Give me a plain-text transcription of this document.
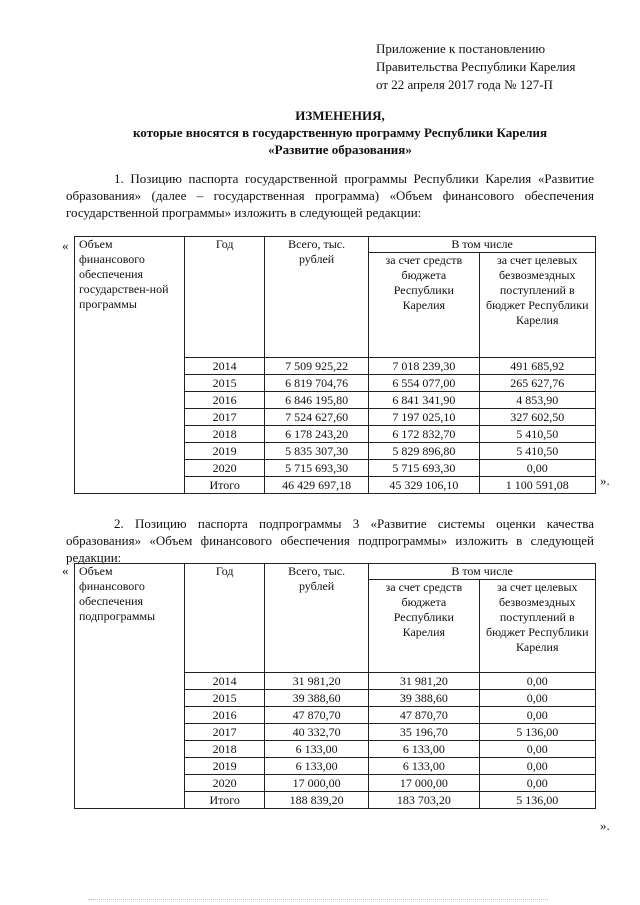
Приложение к постановлению
Правительства Республики Карелия
от 22 апреля 2017 года № 127-П
ИЗМЕНЕНИЯ,
которые вносятся в государственную программу Республики Карелия
«Развитие образования»
1. Позицию паспорта государственной программы Республики Карелия «Развитие образования» (далее – государственная программа) «Объем финансового обеспечения государственной программы» изложить в следующей редакции:
« Объем финансового обеспечения государствен-ной программы	Год	Всего, тыс. рублей	В том числе	
			за счет средств бюджета Республики Карелия	за счет целевых безвозмездных поступлений в бюджет Республики Карелия
	2014	7 509 925,22	7 018 239,30	491 685,92
	2015	6 819 704,76	6 554 077,00	265 627,76
	2016	6 846 195,80	6 841 341,90	4 853,90
	2017	7 524 627,60	7 197 025,10	327 602,50
	2018	6 178 243,20	6 172 832,70	5 410,50
	2019	5 835 307,30	5 829 896,80	5 410,50
	2020	5 715 693,30	5 715 693,30	0,00
	Итого	46 429 697,18	45 329 106,10	1 100 591,08 ».
2. Позицию паспорта подпрограммы 3 «Развитие системы оценки качества образования» «Объем финансового обеспечения подпрограммы» изложить в следующей редакции:
« Объем финансового обеспечения подпрограммы	Год	Всего, тыс. рублей	В том числе	
			за счет средств бюджета Республики Карелия	за счет целевых безвозмездных поступлений в бюджет Республики Карелия
	2014	31 981,20	31 981,20	0,00
	2015	39 388,60	39 388,60	0,00
	2016	47 870,70	47 870,70	0,00
	2017	40 332,70	35 196,70	5 136,00
	2018	6 133,00	6 133,00	0,00
	2019	6 133,00	6 133,00	0,00
	2020	17 000,00	17 000,00	0,00
	Итого	188 839,20	183 703,20	5 136,00
».
